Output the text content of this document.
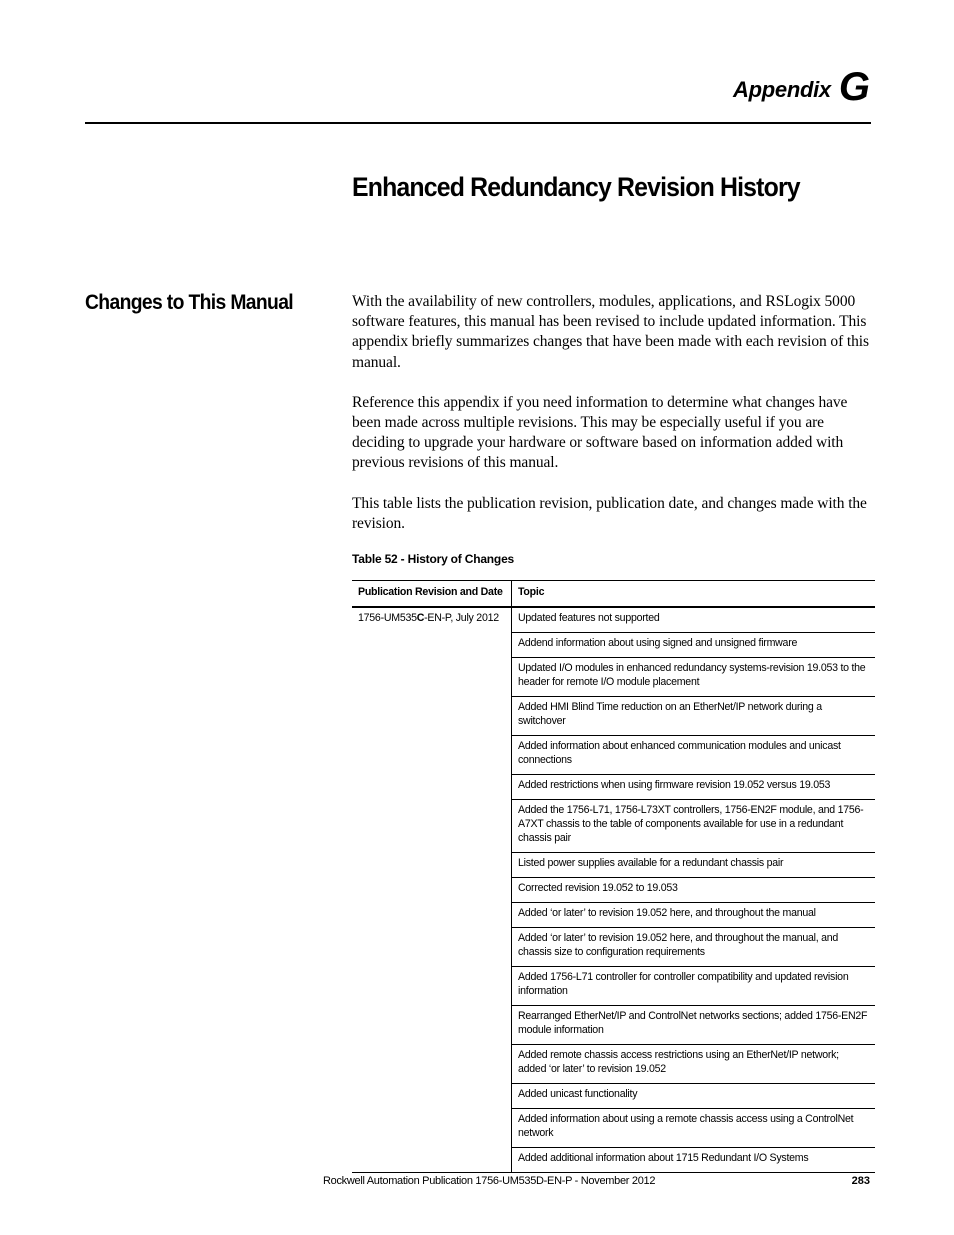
Appendix G
Enhanced Redundancy Revision History
Changes to This Manual	With the availability of new controllers, modules, applications, and RSLogix 5000 software features, this manual has been revised to include updated information. This appendix briefly summarizes changes that have been made with each revision of this manual.

Reference this appendix if you need information to determine what changes have been made across multiple revisions. This may be especially useful if you are deciding to upgrade your hardware or software based on information added with previous revisions of this manual.

This table lists the publication revision, publication date, and changes made with the revision.

Table 52 - History of Changes
Publication Revision and Date	Topic
1756-UM535C-EN-P, July 2012	Updated features not supported
	Addend information about using signed and unsigned firmware
	Updated I/O modules in enhanced redundancy systems-revision 19.053 to the header for remote I/O module placement
	Added HMI Blind Time reduction on an EtherNet/IP network during a switchover
	Added information about enhanced communication modules and unicast connections
	Added restrictions when using firmware revision 19.052 versus 19.053
	Added the 1756-L71, 1756-L73XT controllers, 1756-EN2F module, and 1756-A7XT chassis to the table of components available for use in a redundant chassis pair
	Listed power supplies available for a redundant chassis pair
	Corrected revision 19.052 to 19.053
	Added ‘or later’ to revision 19.052 here, and throughout the manual
	Added ‘or later’ to revision 19.052 here, and throughout the manual, and chassis size to configuration requirements
	Added 1756-L71 controller for controller compatibility and updated revision information
	Rearranged EtherNet/IP and ControlNet networks sections; added 1756-EN2F module information
	Added remote chassis access restrictions using an EtherNet/IP network; added ‘or later’ to revision 19.052
	Added unicast functionality
	Added information about using a remote chassis access using a ControlNet network
	Added additional information about 1715 Redundant I/O Systems
Rockwell Automation Publication 1756-UM535D-EN-P - November 2012	283
